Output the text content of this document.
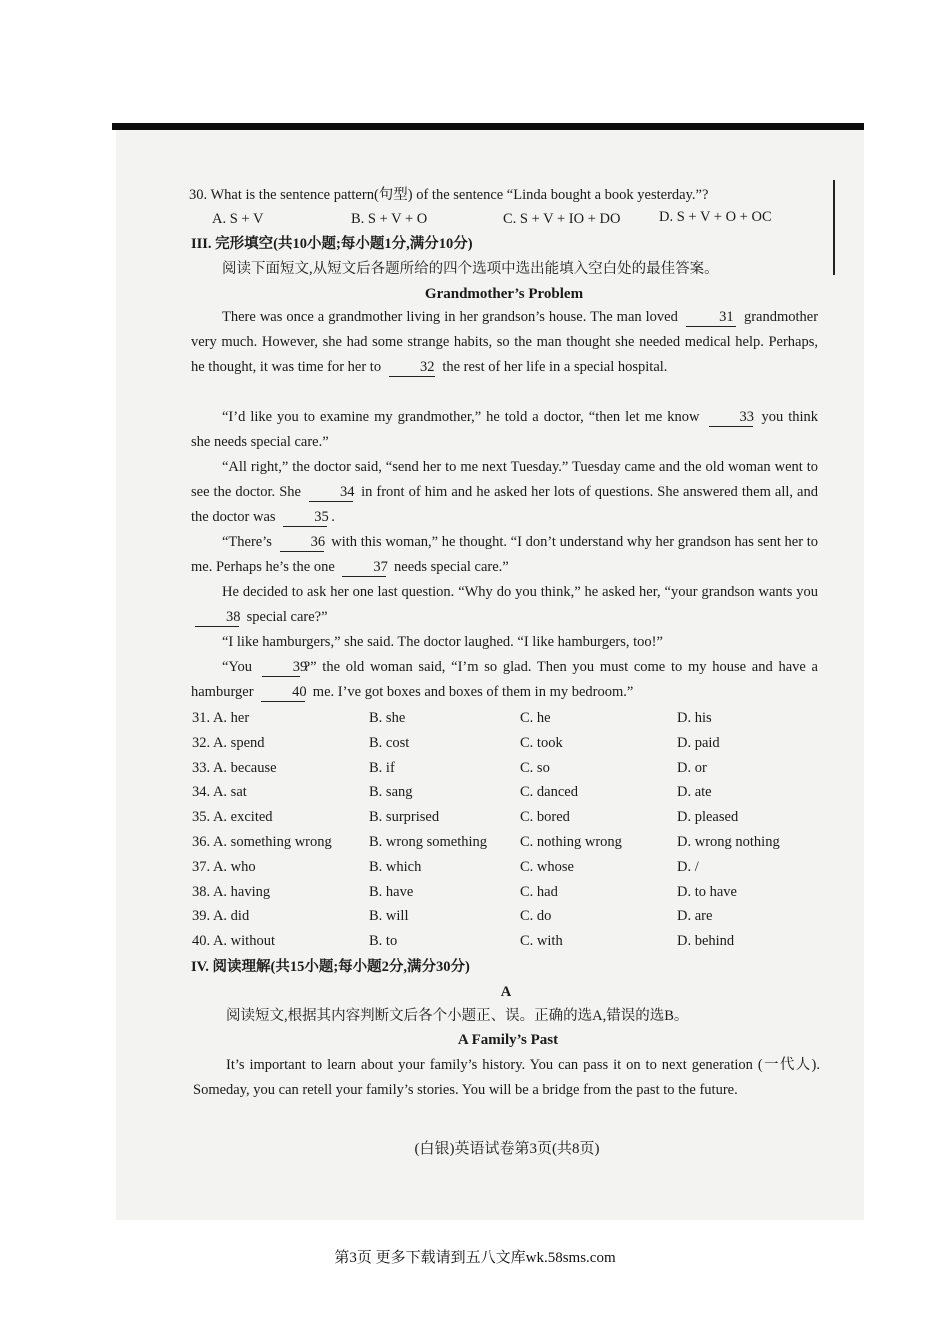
30. What is the sentence pattern(句型) of the sentence “Linda bought a book yesterday.”?
A. S + V	B. S + V + O	C. S + V + IO + DO	D. S + V + O + OC
III. 完形填空(共10小题;每小题1分,满分10分)
阅读下面短文,从短文后各题所给的四个选项中选出能填入空白处的最佳答案。
Grandmother’s Problem
There was once a grandmother living in her grandson’s house. The man loved	31 grandmother very much. However, she had some strange habits, so the man thought she needed medical help. Perhaps, he thought, it was time for her to	32 the rest of her life in a special hospital.
“I’d like you to examine my grandmother,” he told a doctor, “then let me know	33 you think she needs special care.”
“All right,” the doctor said, “send her to me next Tuesday.” Tuesday came and the old woman went to see the doctor. She	34 in front of him and he asked her lots of questions. She answered them all, and the doctor was	35 .
“There’s	36 with this woman,” he thought. “I don’t understand why her grandson has sent her to me. Perhaps he’s the one	37 needs special care.”
He decided to ask her one last question. “Why do you think,” he asked her, “your grandson wants you 38 special care?”
“I like hamburgers,” she said. The doctor laughed. “I like hamburgers, too!”
“You	39?” the old woman said, “I’m so glad. Then you must come to my house and have a hamburger	40 me. I’ve got boxes and boxes of them in my bedroom.”
31. A. her	B. she	C. he	D. his
32. A. spend	B. cost	C. took	D. paid
33. A. because	B. if	C. so	D. or
34. A. sat	B. sang	C. danced	D. ate
35. A. excited	B. surprised	C. bored	D. pleased
36. A. something wrong	B. wrong something C. nothing wrong	D. wrong nothing
37. A. who	B. which	C. whose	D. /
38. A. having	B. have	C. had	D. to have
39. A. did	B. will	C. do	D. are
40. A. without	B. to	C. with	D. behind
IV. 阅读理解(共15小题;每小题2分,满分30分)
A
阅读短文,根据其内容判断文后各个小题正、误。正确的选A,错误的选B。
A Family’s Past
It’s important to learn about your family’s history. You can pass it on to next generation (一代人). Someday, you can retell your family’s stories. You will be a bridge from the past to the future.
(白银)英语试卷第3页(共8页)
第3页 更多下载请到五八文库wk.58sms.com
